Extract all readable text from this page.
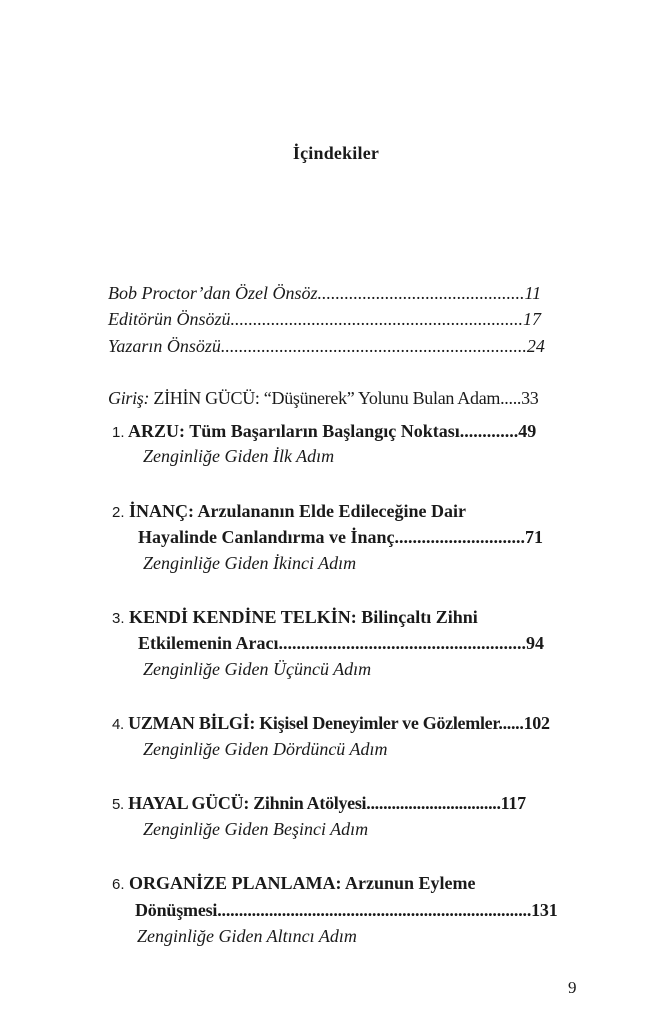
İçindekiler
Bob Proctor’dan Özel Önsöz..............................................11
Editörün Önsözü.................................................................17
Yazarın Önsözü....................................................................24
Giriş: ZİHİN GÜCÜ: “Düşünerek” Yolunu Bulan Adam.....33
1. ARZU: Tüm Başarıların Başlangıç Noktası.............49
Zenginliğe Giden İlk Adım
2. İNANÇ: Arzulananın Elde Edileceğine Dair
Hayalinde Canlandırma ve İnanç.............................71
Zenginliğe Giden İkinci Adım
3. KENDİ KENDİNE TELKİN: Bilinçaltı Zihni
Etkilemenin Aracı.......................................................94
Zenginliğe Giden Üçüncü Adım
4. UZMAN BİLGİ: Kişisel Deneyimler ve Gözlemler......102
Zenginliğe Giden Dördüncü Adım
5. HAYAL GÜCÜ: Zihnin Atölyesi................................117
Zenginliğe Giden Beşinci Adım
6. ORGANİZE PLANLAMA: Arzunun Eyleme
Dönüşmesi.........................................................................131
Zenginliğe Giden Altıncı Adım
9
